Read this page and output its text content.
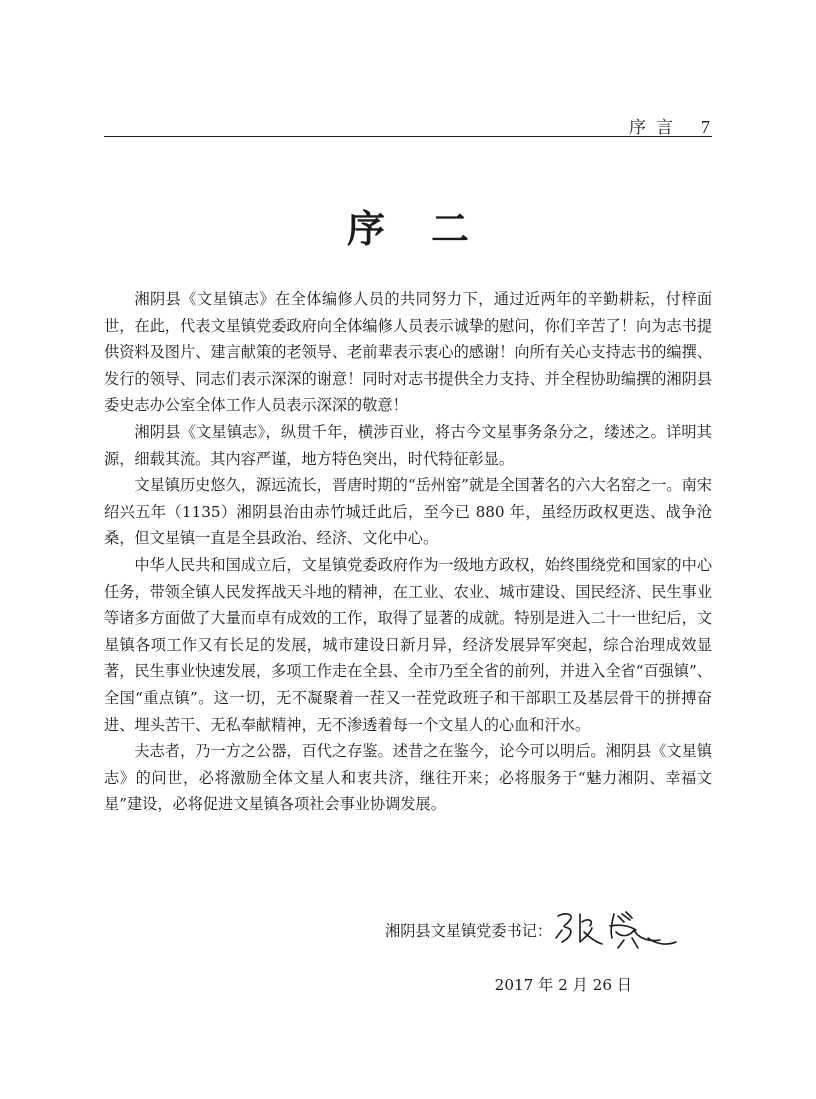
序言 7
序二

湘阴县《文星镇志》在全体编修人员的共同努力下，通过近两年的辛勤耕耘，付梓面世，在此，代表文星镇党委政府向全体编修人员表示诚挚的慰问，你们辛苦了！向为志书提供资料及图片、建言献策的老领导、老前辈表示衷心的感谢！向所有关心支持志书的编撰、发行的领导、同志们表示深深的谢意！同时对志书提供全力支持、并全程协助编撰的湘阴县委史志办公室全体工作人员表示深深的敬意！

湘阴县《文星镇志》，纵贯千年，横涉百业，将古今文星事务条分之，缕述之。详明其源，细载其流。其内容严谨，地方特色突出，时代特征彰显。

文星镇历史悠久，源远流长，晋唐时期的“岳州窑”就是全国著名的六大名窑之一。南宋绍兴五年（1135）湘阴县治由赤竹城迁此后，至今已 880 年，虽经历政权更迭、战争沧桑，但文星镇一直是全县政治、经济、文化中心。

中华人民共和国成立后，文星镇党委政府作为一级地方政权，始终围绕党和国家的中心任务，带领全镇人民发挥战天斗地的精神，在工业、农业、城市建设、国民经济、民生事业等诸多方面做了大量而卓有成效的工作，取得了显著的成就。特别是进入二十一世纪后，文星镇各项工作又有长足的发展，城市建设日新月异，经济发展异军突起，综合治理成效显著，民生事业快速发展，多项工作走在全县、全市乃至全省的前列，并进入全省“百强镇”、全国“重点镇”。这一切，无不凝聚着一茬又一茬党政班子和干部职工及基层骨干的拼搏奋进、埋头苦干、无私奉献精神，无不渗透着每一个文星人的心血和汗水。

夫志者，乃一方之公器，百代之存鉴。述昔之在鉴今，论今可以明后。湘阴县《文星镇志》的问世，必将激励全体文星人和衷共济，继往开来；必将服务于“魅力湘阴、幸福文星”建设，必将促进文星镇各项社会事业协调发展。

湘阴县文星镇党委书记：
2017 年 2 月 26 日
